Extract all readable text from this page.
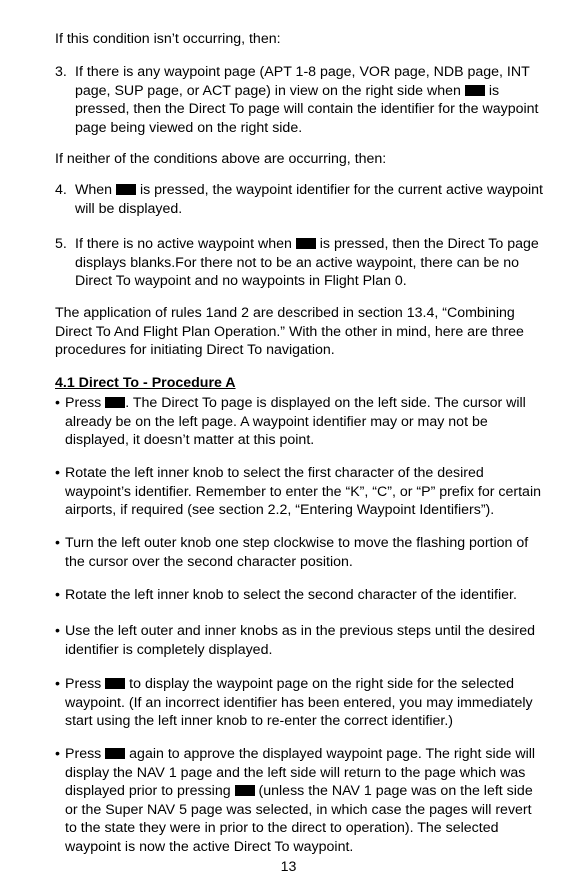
If this condition isn’t occurring, then:

3. If there is any waypoint page (APT 1-8 page, VOR page, NDB page, INT page, SUP page, or ACT page) in view on the right side when is pressed, then the Direct To page will contain the identifier for the waypoint page being viewed on the right side.

If neither of the conditions above are occurring, then:

4. When is pressed, the waypoint identifier for the current active waypoint will be displayed.

5. If there is no active waypoint when is pressed, then the Direct To page displays blanks.For there not to be an active waypoint, there can be no Direct To waypoint and no waypoints in Flight Plan 0.

The application of rules 1and 2 are described in section 13.4, “Combining Direct To And Flight Plan Operation.” With the other in mind, here are three procedures for initiating Direct To navigation.

4.1 Direct To - Procedure A

• Press . The Direct To page is displayed on the left side. The cursor will already be on the left page. A waypoint identifier may or may not be displayed, it doesn’t matter at this point.

• Rotate the left inner knob to select the first character of the desired waypoint’s identifier. Remember to enter the “K”, “C”, or “P” prefix for certain airports, if required (see section 2.2, “Entering Waypoint Identifiers”).

• Turn the left outer knob one step clockwise to move the flashing portion of the cursor over the second character position.

• Rotate the left inner knob to select the second character of the identifier.

• Use the left outer and inner knobs as in the previous steps until the desired identifier is completely displayed.

• Press to display the waypoint page on the right side for the selected waypoint. (If an incorrect identifier has been entered, you may immediately start using the left inner knob to re-enter the correct identifier.)

• Press again to approve the displayed waypoint page. The right side will display the NAV 1 page and the left side will return to the page which was displayed prior to pressing (unless the NAV 1 page was on the left side or the Super NAV 5 page was selected, in which case the pages will revert to the state they were in prior to the direct to operation). The selected waypoint is now the active Direct To waypoint.

13
